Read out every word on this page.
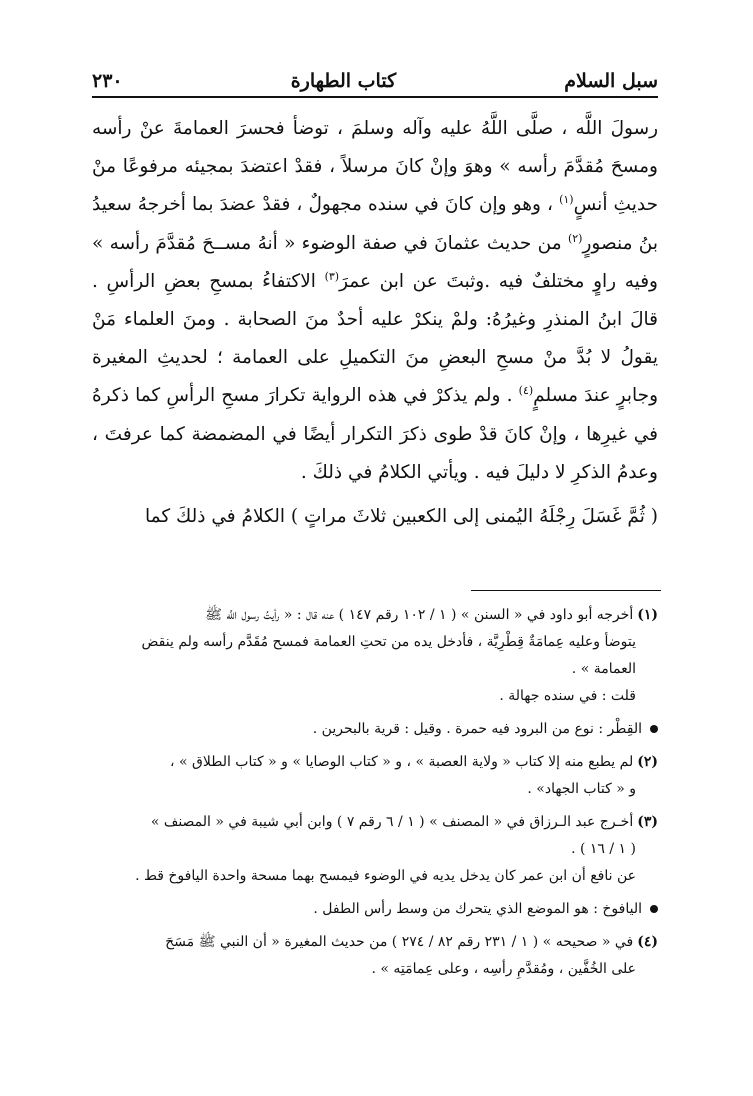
٢٣٠	كتاب الطهارة	سبل السلام

رسولَ اللَّه ، صلَّى اللَّهُ عليه وآله وسلمَ ، توضأ فحسرَ العمامةَ عنْ رأسه ومسحَ مُقدَّمَ رأسه » وهوَ وإنْ كانَ مرسلاً ، فقدْ اعتضدَ بمجيئه مرفوعًا منْ حديثِ أنسٍ$^{(١)}$ ، وهو وإن كانَ في سنده مجهولٌ ، فقدْ عضدَ بما أخرجهُ سعيدُ بنُ منصورٍ$^{(٢)}$ من حديث عثمانَ في صفة الوضوء « أنهُ مســحَ مُقدَّمَ رأسه » وفيه راوٍ مختلفٌ فيه .وثبتَ عن ابن عمرَ$^{(٣)}$ الاكتفاءُ بمسحِ بعضِ الرأسِ . قالَ ابنُ المنذرِ وغيرُهُ: ولمْ ينكرْ عليه أحدٌ منَ الصحابة . ومنَ العلماء مَنْ يقولُ لا بُدَّ منْ مسحِ البعضِ منَ التكميلِ على العمامة ؛ لحديثِ المغيرة وجابرٍ عندَ مسلمٍ$^{(٤)}$ . ولم يذكرْ في هذه الرواية تكرارَ مسحِ الرأسِ كما ذكرهُ في غيرِها ، وإنْ كانَ قدْ طوى ذكرَ التكرار أيضًا في المضمضة كما عرفتَ ، وعدمُ الذكرِ لا دليلَ فيه . ويأتي الكلامُ في ذلكَ .

( ثُمَّ غَسَلَ رِجْلَهُ اليُمنى إلى الكعبين ثلاثَ مراتٍ ) الكلامُ في ذلكَ كما

(١)أخرجه أبو داود في « السنن » ( ١ / ١٠٢ رقم ١٤٧ ) عنه قال : « رأيتُ رسول اللَّه ﷺ
يتوضأ وعليه عِمامَةٌ قِطْرِيَّة ، فأدخل يده من تحتِ العمامة فمسح مُقَدَّم رأسه ولم ينقض
العمامة » .
قلت : في سنده جهالة .
القِطْر : نوع من البرود فيه حمرة . وقيل : قرية بالبحرين .
(٢)لم يطبع منه إلا كتاب « ولاية العصبة » ، و « كتاب الوصايا » و « كتاب الطلاق » ،
و « كتاب الجهاد» .
(٣)أخـرج عبد الـرزاق في « المصنف » ( ١ / ٦ رقم ٧ ) وابن أبي شيبة في « المصنف »
( ١ / ١٦ ) .
عن نافع أن ابن عمر كان يدخل يديه في الوضوء فيمسح بهما مسحة واحدة اليافوخ قط .
اليافوخ : هو الموضع الذي يتحرك من وسط رأس الطفل .
(٤)في « صحيحه » ( ١ / ٢٣١ رقم ٨٢ / ٢٧٤ ) من حديث المغيرة « أن النبي ﷺ مَسَحَ
على الخُفَّين ، ومُقدَّمِ رأسِه ، وعلى عِمامَتِه » .
